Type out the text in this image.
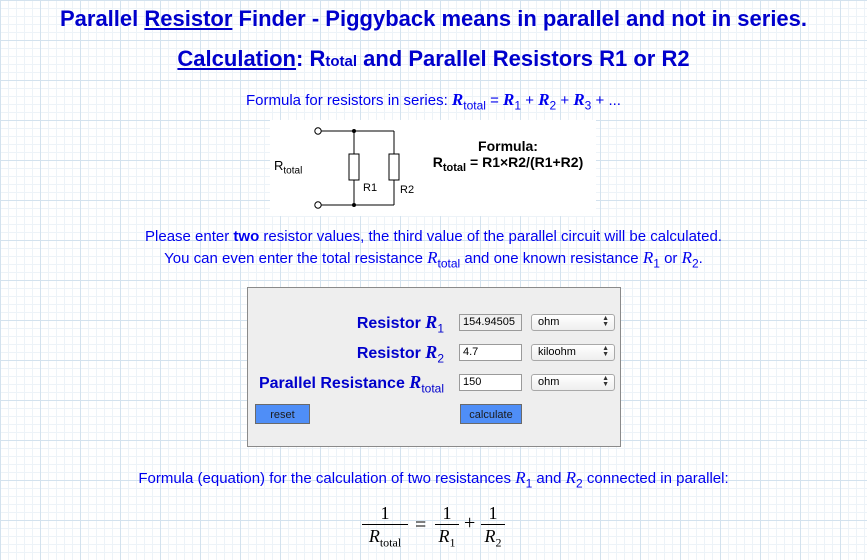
Parallel Resistor Finder - Piggyback means in parallel and not in series.
Calculation: Rtotal and Parallel Resistors R1 or R2
Formula for resistors in series: $R_{total} = R_1 + R_2 + R_3$ + ...
$R_{total}$
R1 R2
Formula:
$R_{total} = R1\times R2/(R1+R2)$
Please enter two resistor values, the third value of the parallel circuit will be calculated.
You can even enter the total resistance $R_{total}$ and one known resistance $R_1$ or $R_2$.
Resistor $R_1$	154.94505	ohm	▲
▼
Resistor $R_2$	4.7	kiloohm	▲
▼
Parallel Resistance $R_{total}$	150	ohm	▲
▼
reset	calculate
Formula (equation) for the calculation of two resistances $R_1$ and $R_2$ connected in parallel:
1
$R_{total}$
=
1
$R_1$
+ 1
$R_2$
